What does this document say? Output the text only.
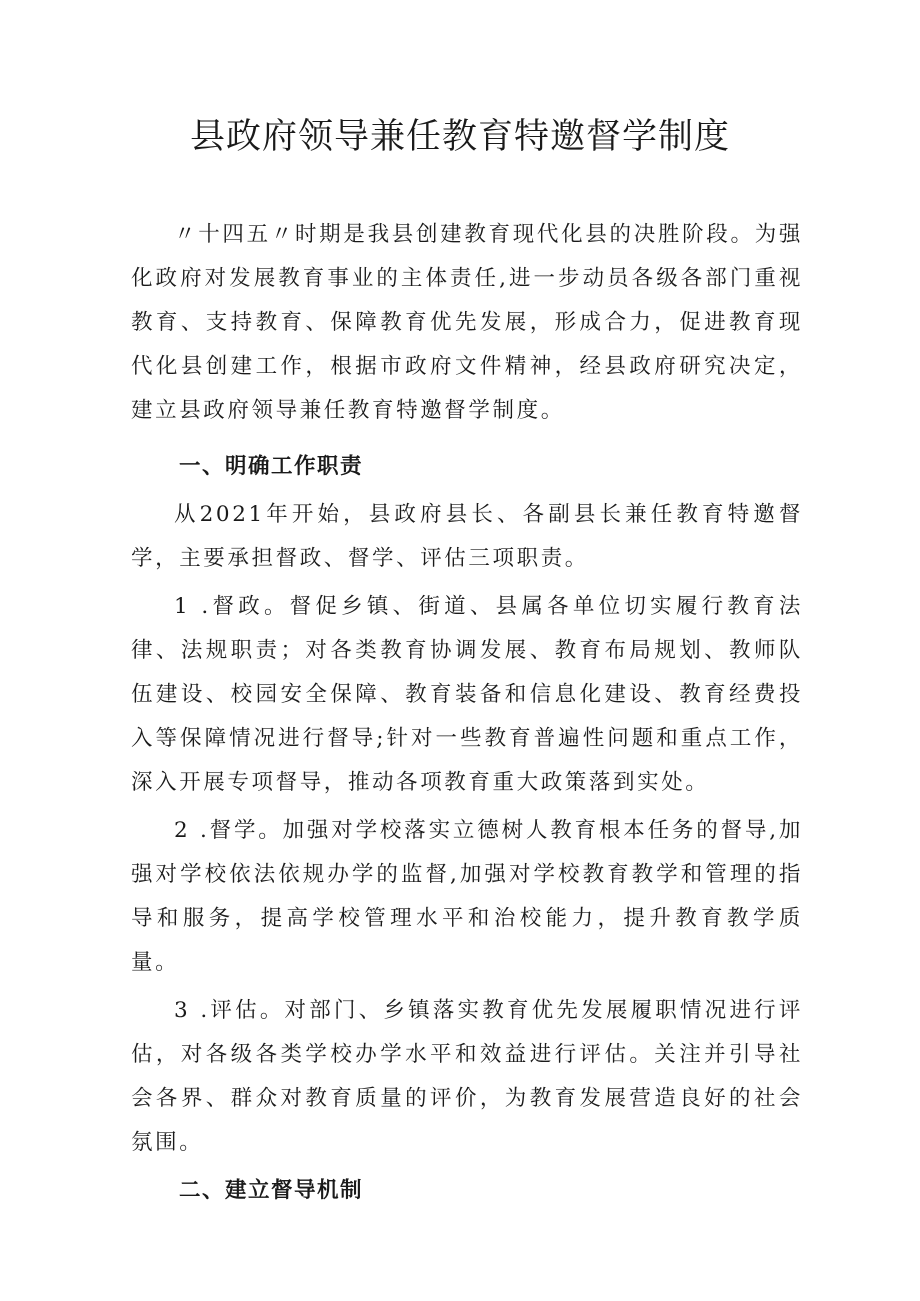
县政府领导兼任教育特邀督学制度

〃十四五〃时期是我县创建教育现代化县的决胜阶段。为强化政府对发展教育事业的主体责任,进一步动员各级各部门重视教育、支持教育、保障教育优先发展，形成合力，促进教育现代化县创建工作，根据市政府文件精神，经县政府研究决定，建立县政府领导兼任教育特邀督学制度。

一、明确工作职责

从2021年开始，县政府县长、各副县长兼任教育特邀督学，主要承担督政、督学、评估三项职责。

1 .督政。督促乡镇、街道、县属各单位切实履行教育法律、法规职责；对各类教育协调发展、教育布局规划、教师队伍建设、校园安全保障、教育装备和信息化建设、教育经费投入等保障情况进行督导;针对一些教育普遍性问题和重点工作，深入开展专项督导，推动各项教育重大政策落到实处。

2 .督学。加强对学校落实立德树人教育根本任务的督导,加强对学校依法依规办学的监督,加强对学校教育教学和管理的指导和服务，提高学校管理水平和治校能力，提升教育教学质量。

3 .评估。对部门、乡镇落实教育优先发展履职情况进行评估，对各级各类学校办学水平和效益进行评估。关注并引导社会各界、群众对教育质量的评价，为教育发展营造良好的社会氛围。

二、建立督导机制
